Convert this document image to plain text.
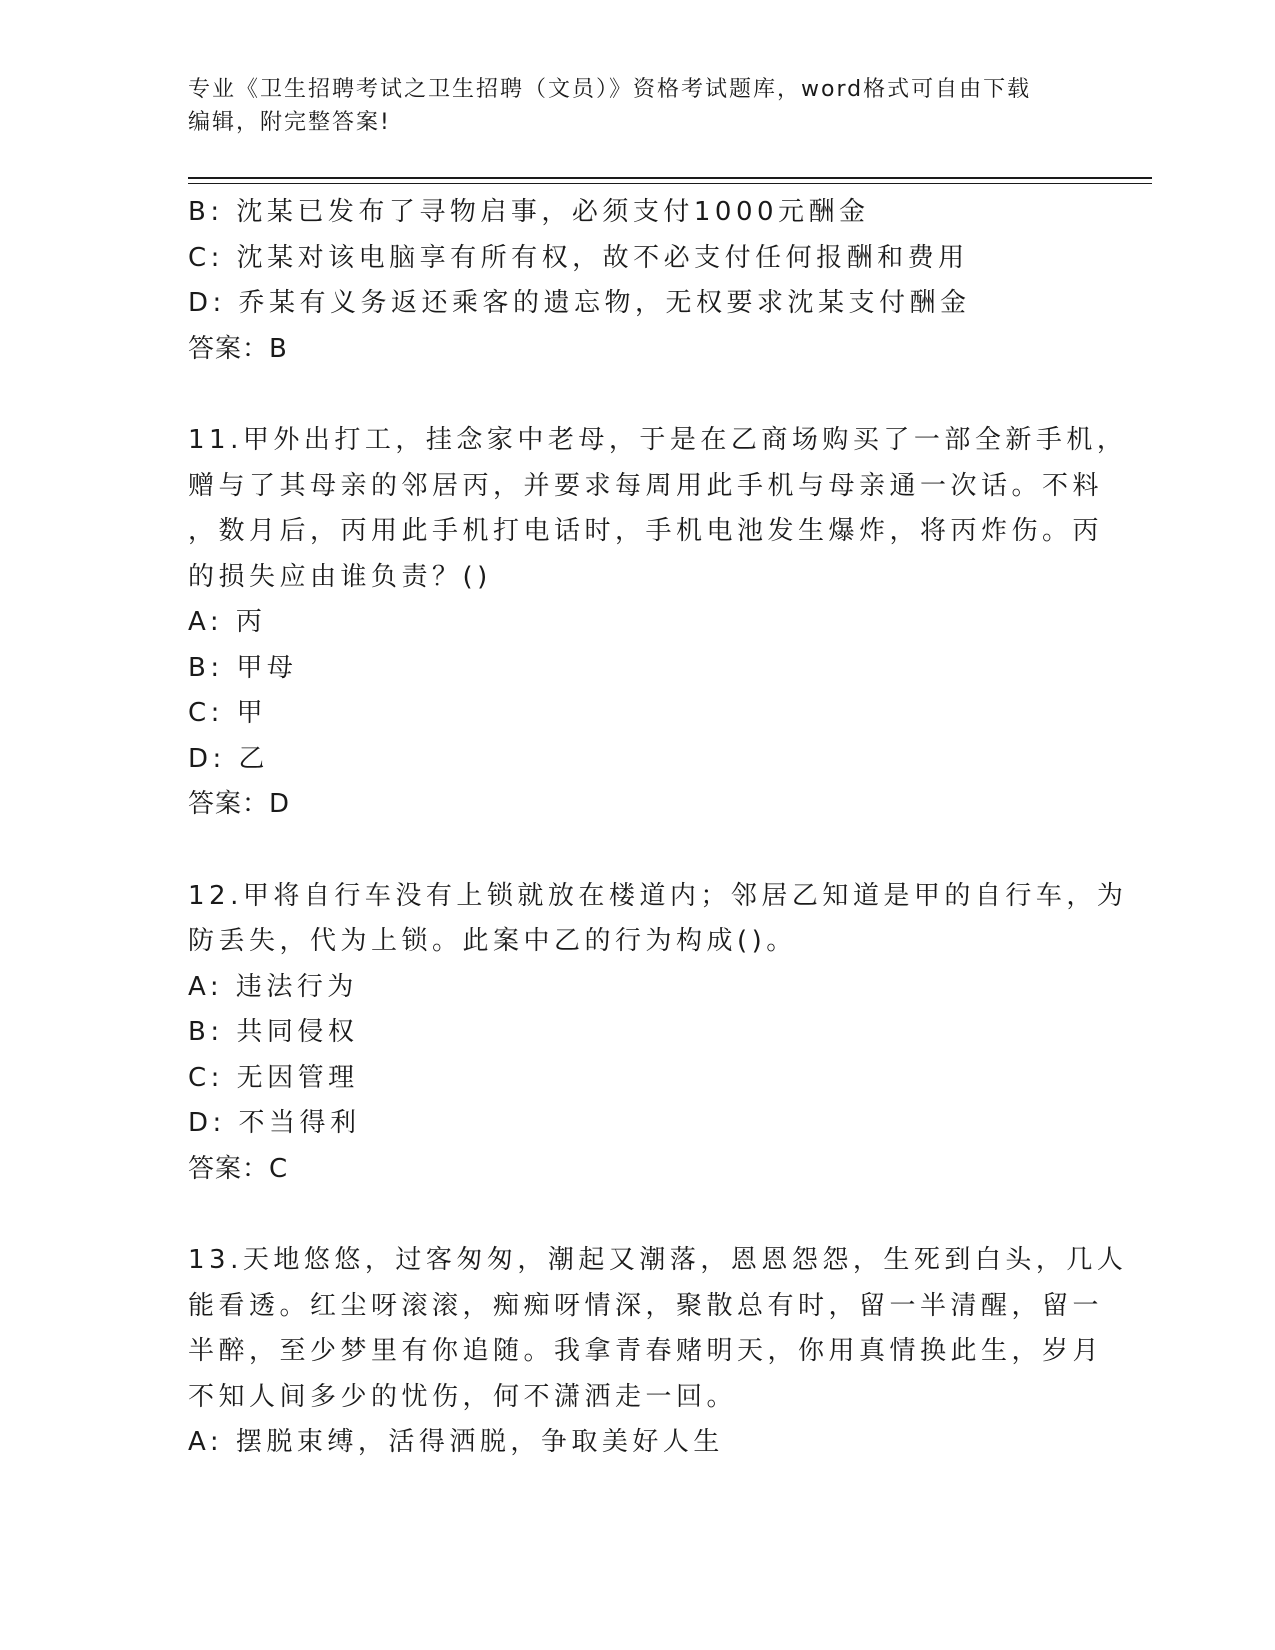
专业《卫生招聘考试之卫生招聘（文员）》资格考试题库，word格式可自由下载
编辑，附完整答案!
B: 沈某已发布了寻物启事，必须支付1000元酬金
C: 沈某对该电脑享有所有权，故不必支付任何报酬和费用
D: 乔某有义务返还乘客的遗忘物，无权要求沈某支付酬金
答案：B
11.甲外出打工，挂念家中老母，于是在乙商场购买了一部全新手机，
赠与了其母亲的邻居丙，并要求每周用此手机与母亲通一次话。不料
，数月后，丙用此手机打电话时，手机电池发生爆炸，将丙炸伤。丙
的损失应由谁负责？()
A: 丙
B: 甲母
C: 甲
D: 乙
答案：D
12.甲将自行车没有上锁就放在楼道内；邻居乙知道是甲的自行车，为
防丢失，代为上锁。此案中乙的行为构成()。
A: 违法行为
B: 共同侵权
C: 无因管理
D: 不当得利
答案：C
13.天地悠悠，过客匆匆，潮起又潮落，恩恩怨怨，生死到白头，几人
能看透。红尘呀滚滚，痴痴呀情深，聚散总有时，留一半清醒，留一
半醉，至少梦里有你追随。我拿青春赌明天，你用真情换此生，岁月
不知人间多少的忧伤，何不潇洒走一回。
A: 摆脱束缚，活得洒脱，争取美好人生
